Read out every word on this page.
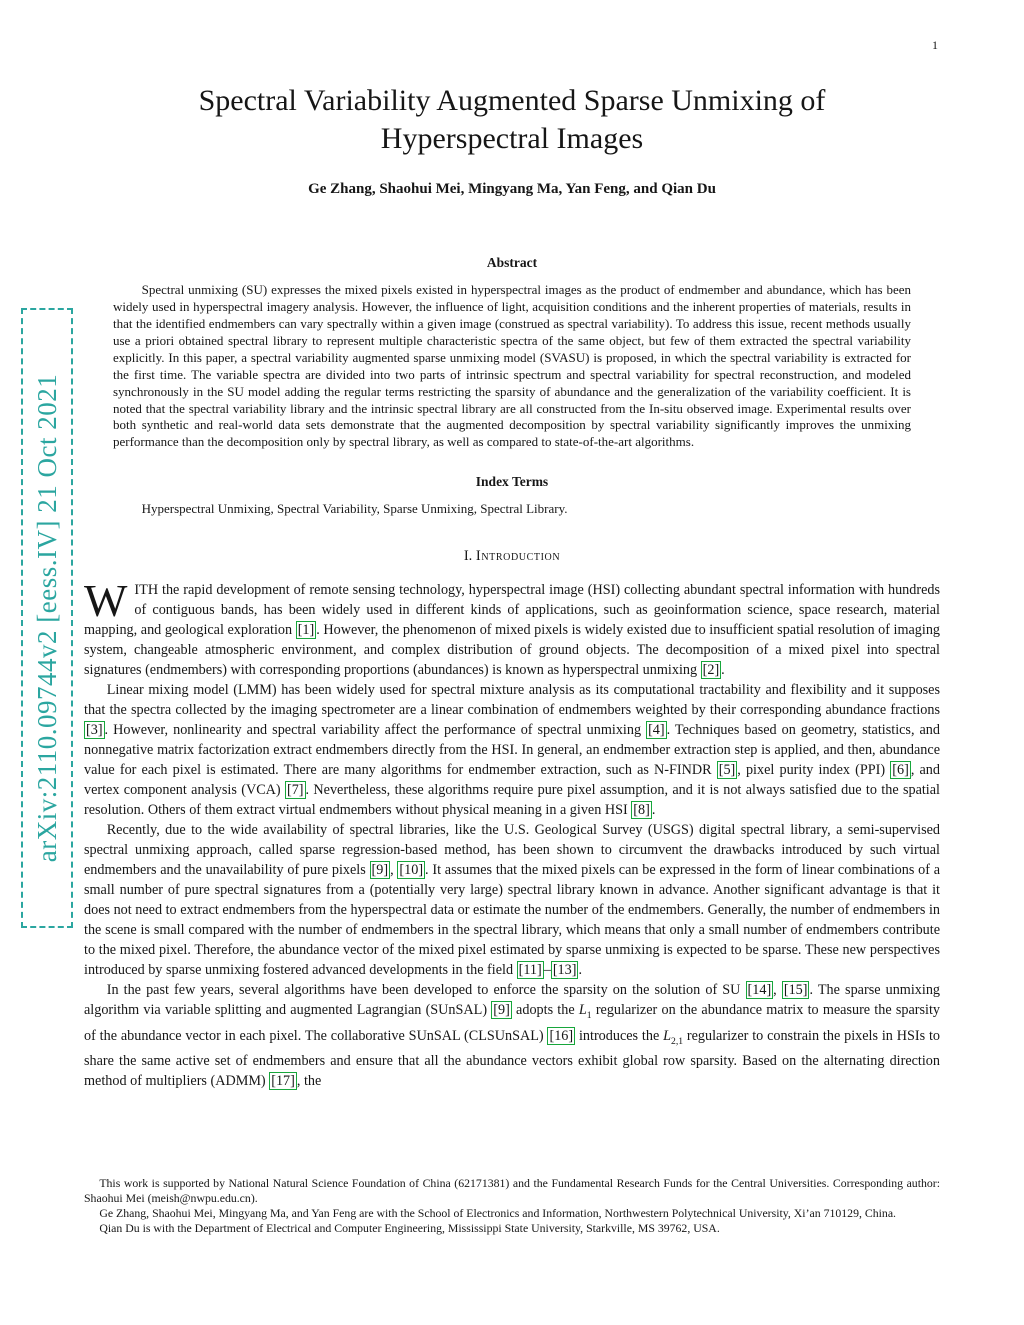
1
arXiv:2110.09744v2 [eess.IV] 21 Oct 2021
Spectral Variability Augmented Sparse Unmixing of
Hyperspectral Images
Ge Zhang, Shaohui Mei, Mingyang Ma, Yan Feng, and Qian Du
Abstract

Spectral unmixing (SU) expresses the mixed pixels existed in hyperspectral images as the product of endmember and abundance, which has been widely used in hyperspectral imagery analysis. However, the influence of light, acquisition conditions and the inherent properties of materials, results in that the identified endmembers can vary spectrally within a given image (construed as spectral variability). To address this issue, recent methods usually use a priori obtained spectral library to represent multiple characteristic spectra of the same object, but few of them extracted the spectral variability explicitly. In this paper, a spectral variability augmented sparse unmixing model (SVASU) is proposed, in which the spectral variability is extracted for the first time. The variable spectra are divided into two parts of intrinsic spectrum and spectral variability for spectral reconstruction, and modeled synchronously in the SU model adding the regular terms restricting the sparsity of abundance and the generalization of the variability coefficient. It is noted that the spectral variability library and the intrinsic spectral library are all constructed from the In-situ observed image. Experimental results over both synthetic and real-world data sets demonstrate that the augmented decomposition by spectral variability significantly improves the unmixing performance than the decomposition only by spectral library, as well as compared to state-of-the-art algorithms.

Index Terms

Hyperspectral Unmixing, Spectral Variability, Sparse Unmixing, Spectral Library.

I. Introduction

WITH the rapid development of remote sensing technology, hyperspectral image (HSI) collecting abundant spectral information with hundreds of contiguous bands, has been widely used in different kinds of applications, such as geoinformation science, space research, material mapping, and geological exploration [1] . However, the phenomenon of mixed pixels is widely existed due to insufficient spatial resolution of imaging system, changeable atmospheric environment, and complex distribution of ground objects. The decomposition of a mixed pixel into spectral signatures (endmembers) with corresponding proportions (abundances) is known as hyperspectral unmixing [2] .

Linear mixing model (LMM) has been widely used for spectral mixture analysis as its computational tractability and flexibility and it supposes that the spectra collected by the imaging spectrometer are a linear combination of endmembers weighted by their corresponding abundance fractions [3] . However, nonlinearity and spectral variability affect the performance of spectral unmixing [4] . Techniques based on geometry, statistics, and nonnegative matrix factorization extract endmembers directly from the HSI. In general, an endmember extraction step is applied, and then, abundance value for each pixel is estimated. There are many algorithms for endmember extraction, such as N-FINDR [5] , pixel purity index (PPI) [6] , and vertex component analysis (VCA) [7] . Nevertheless, these algorithms require pure pixel assumption, and it is not always satisfied due to the spatial resolution. Others of them extract virtual endmembers without physical meaning in a given HSI [8] .

Recently, due to the wide availability of spectral libraries, like the U.S. Geological Survey (USGS) digital spectral library, a semi-supervised spectral unmixing approach, called sparse regression-based method, has been shown to circumvent the drawbacks introduced by such virtual endmembers and the unavailability of pure pixels [9] , [10] . It assumes that the mixed pixels can be expressed in the form of linear combinations of a small number of pure spectral signatures from a (potentially very large) spectral library known in advance. Another significant advantage is that it does not need to extract endmembers from the hyperspectral data or estimate the number of the endmembers. Generally, the number of endmembers in the scene is small compared with the number of endmembers in the spectral library, which means that only a small number of endmembers contribute to the mixed pixel. Therefore, the abundance vector of the mixed pixel estimated by sparse unmixing is expected to be sparse. These new perspectives introduced by sparse unmixing fostered advanced developments in the field [11] – [13] .

In the past few years, several algorithms have been developed to enforce the sparsity on the solution of SU [14] , [15] . The sparse unmixing algorithm via variable splitting and augmented Lagrangian (SUnSAL) [9] adopts the $L_1$ regularizer on the abundance matrix to measure the sparsity of the abundance vector in each pixel. The collaborative SUnSAL (CLSUnSAL) [16] introduces the $L_{2,1}$ regularizer to constrain the pixels in HSIs to share the same active set of endmembers and ensure that all the abundance vectors exhibit global row sparsity. Based on the alternating direction method of multipliers (ADMM) [17] , the

This work is supported by National Natural Science Foundation of China (62171381) and the Fundamental Research Funds for the Central Universities. Corresponding author: Shaohui Mei (meish@nwpu.edu.cn).

Ge Zhang, Shaohui Mei, Mingyang Ma, and Yan Feng are with the School of Electronics and Information, Northwestern Polytechnical University, Xi’an 710129, China.

Qian Du is with the Department of Electrical and Computer Engineering, Mississippi State University, Starkville, MS 39762, USA.
